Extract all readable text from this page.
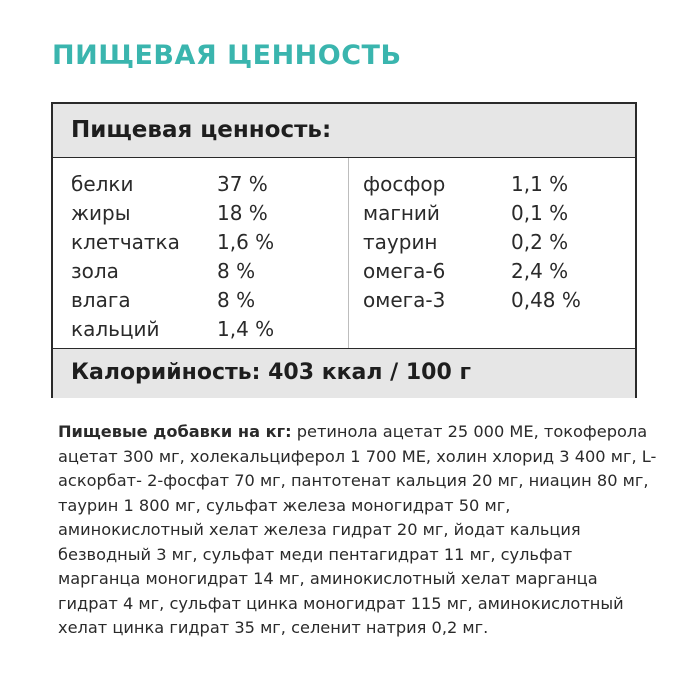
ПИЩЕВАЯ ЦЕННОСТЬ
Пищевая ценность:
белки	37 %
жиры	18 %
клетчатка 1,6 %
зола	8 %
влага	8 %
кальций	1,4 %
фосфор	1,1 %
магний	0,1 %
таурин	0,2 %
омега-6	2,4 %
омега-3	0,48 %
Калорийность: 403 ккал / 100 г

Пищевые добавки на кг: ретинола ацетат 25 000 МЕ, токоферола ацетат 300 мг, холекальциферол 1 700 МЕ, холин хлорид 3 400 мг, L-аскорбат- 2-фосфат 70 мг, пантотенат кальция 20 мг, ниацин 80 мг, таурин 1 800 мг, сульфат железа моногидрат 50 мг, аминокислотный хелат железа гидрат 20 мг, йодат кальция безводный 3 мг, сульфат меди пентагидрат 11 мг, сульфат марганца моногидрат 14 мг, аминокислотный хелат марганца гидрат 4 мг, сульфат цинка моногидрат 115 мг, аминокислотный хелат цинка гидрат 35 мг, селенит натрия 0,2 мг.
